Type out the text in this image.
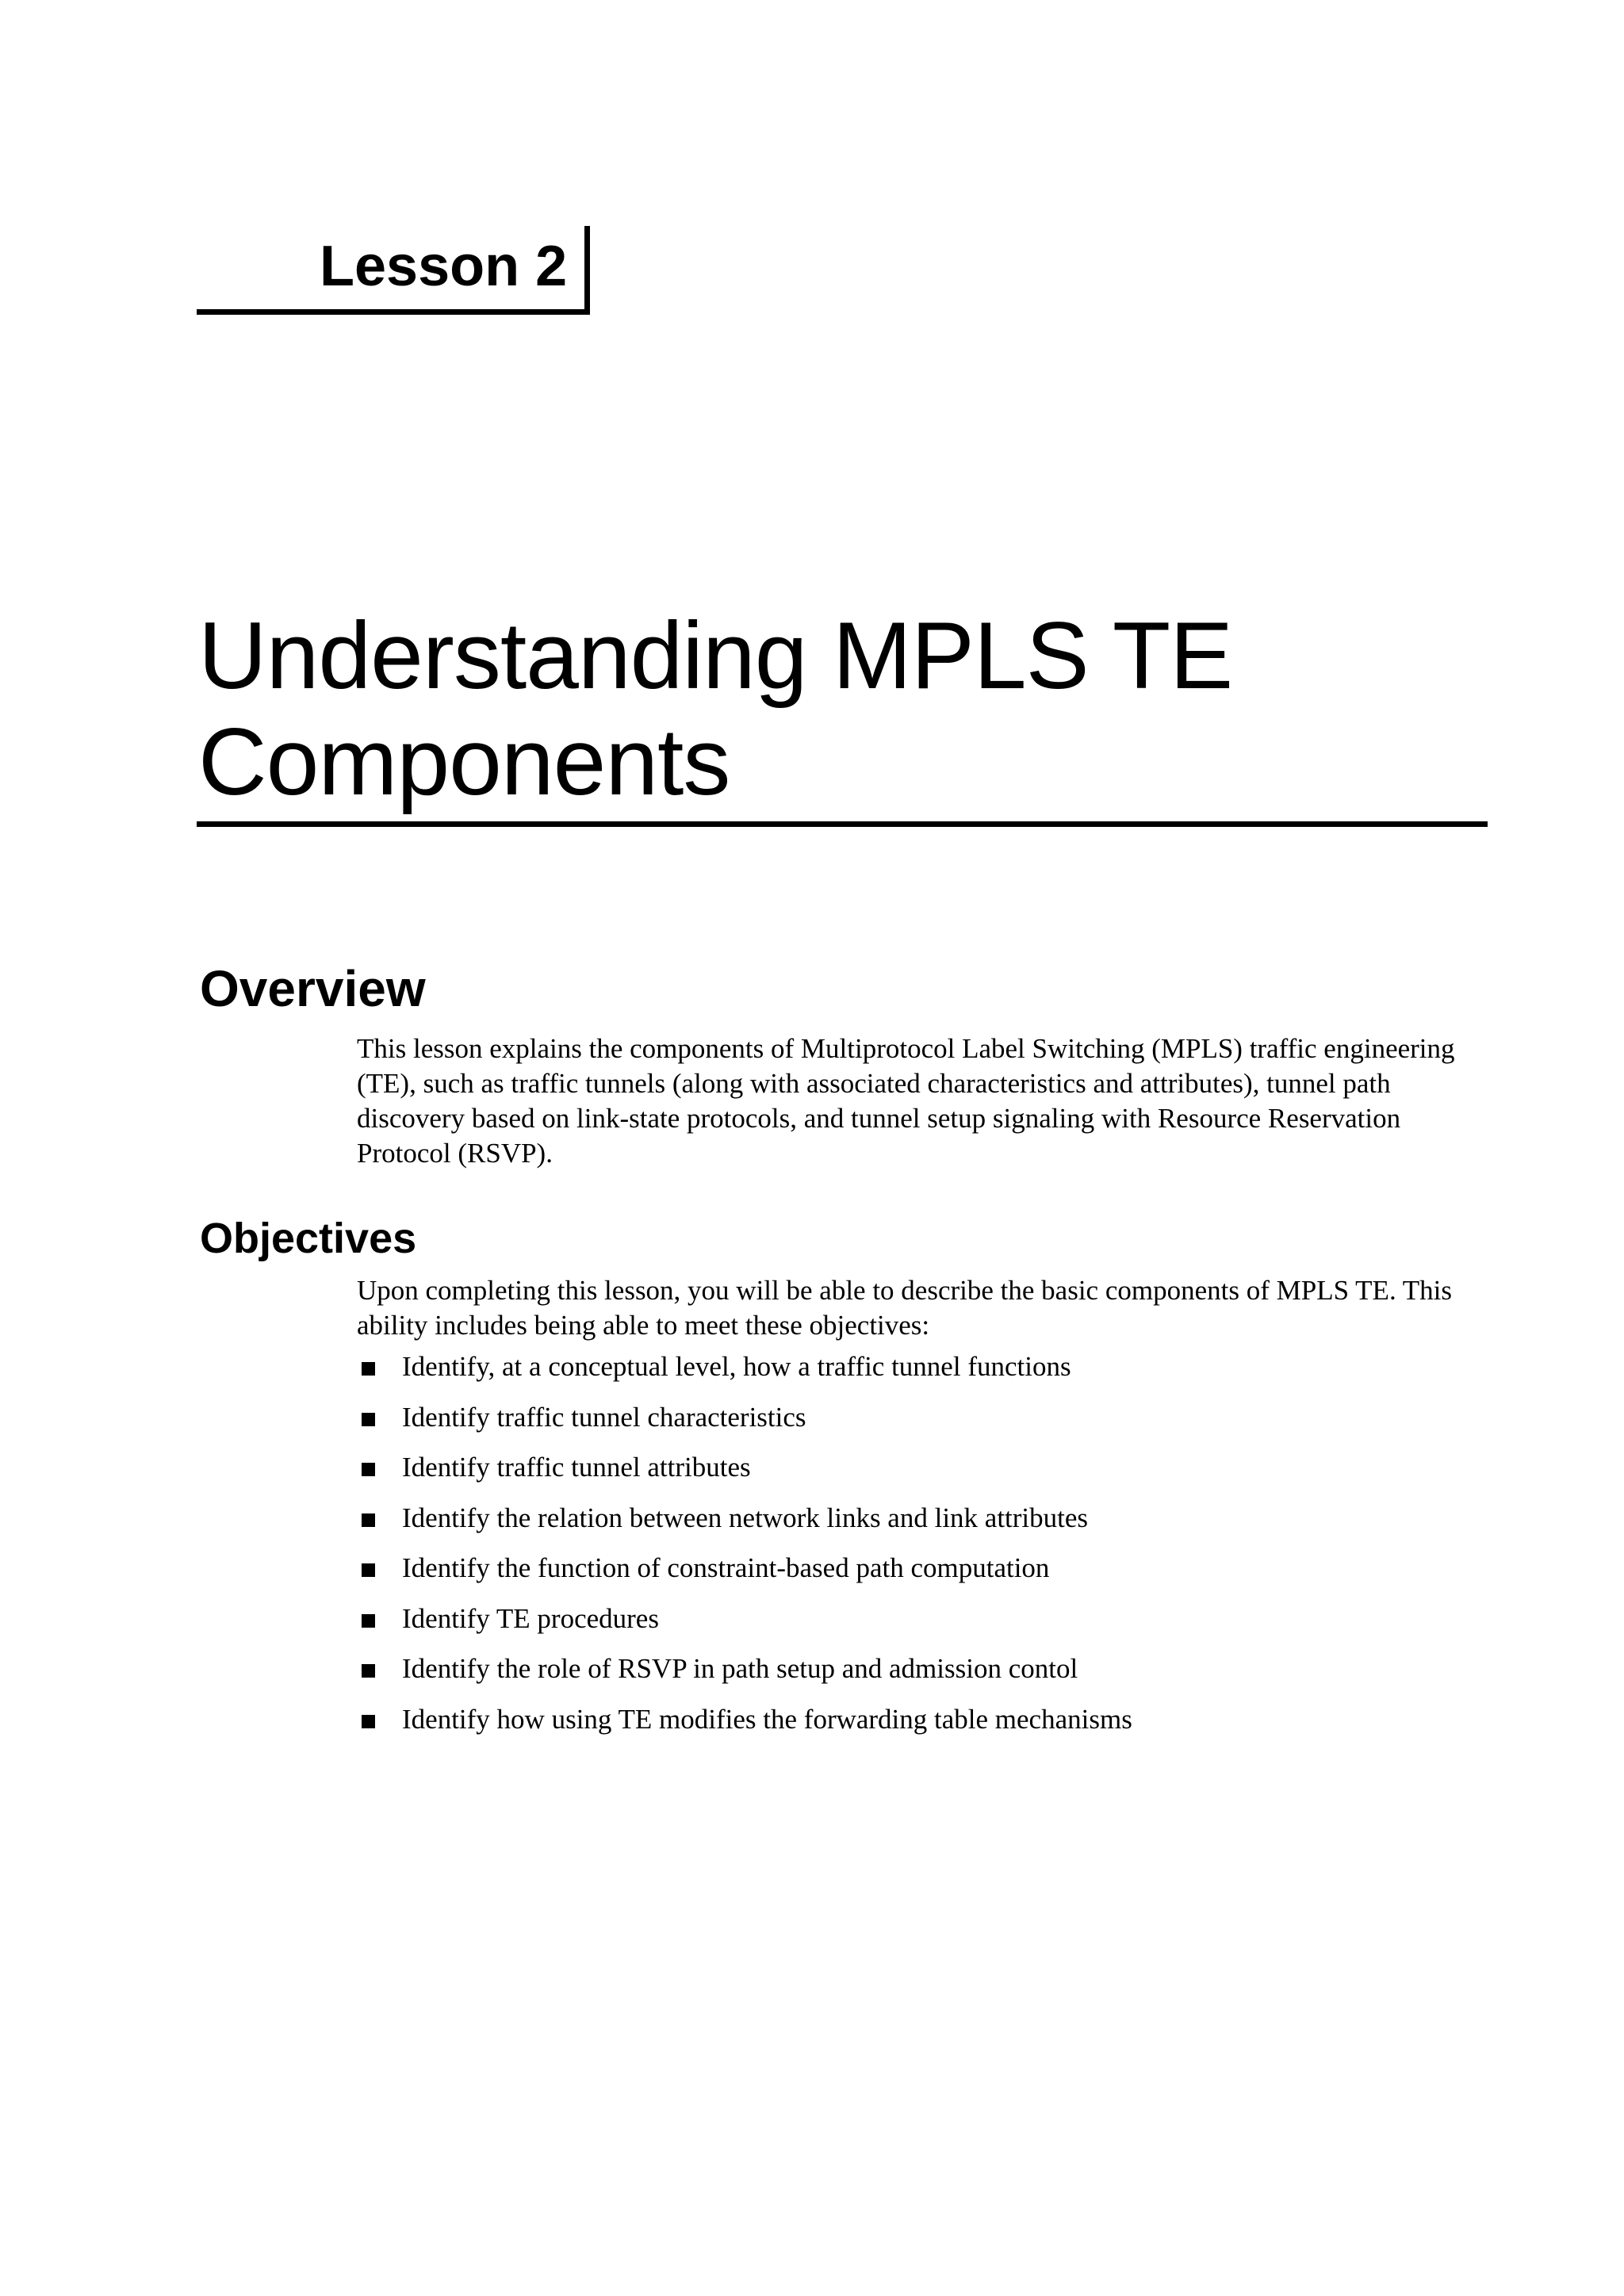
Lesson 2
Understanding MPLS TE
Components
Overview

This lesson explains the components of Multiprotocol Label Switching (MPLS) traffic engineering (TE), such as traffic tunnels (along with associated characteristics and attributes), tunnel path discovery based on link-state protocols, and tunnel setup signaling with Resource Reservation Protocol (RSVP).

Objectives

Upon completing this lesson, you will be able to describe the basic components of MPLS TE. This ability includes being able to meet these objectives:

Identify, at a conceptual level, how a traffic tunnel functions
Identify traffic tunnel characteristics
Identify traffic tunnel attributes
Identify the relation between network links and link attributes
Identify the function of constraint-based path computation
Identify TE procedures
Identify the role of RSVP in path setup and admission contol
Identify how using TE modifies the forwarding table mechanisms
